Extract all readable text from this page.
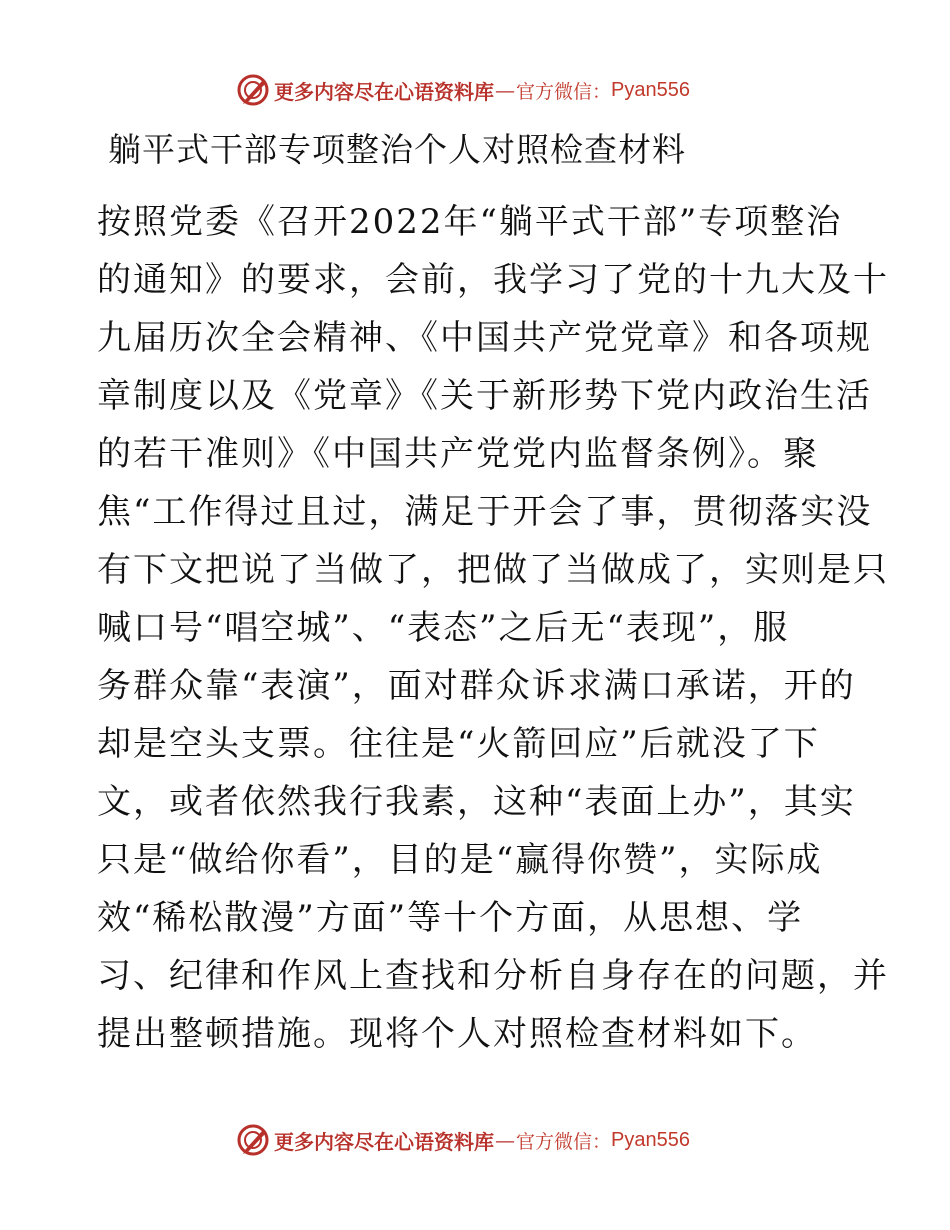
更多内容尽在心语资料库 — 官方微信： Pyan556
躺平式干部专项整治个人对照检查材料
按照党委《召开2022年“躺平式干部”专项整治
的通知》的要求，会前，我学习了党的十九大及十
九届历次全会精神、《中国共产党党章》和各项规
章制度以及《党章》《关于新形势下党内政治生活
的若干准则》《中国共产党党内监督条例》。聚
焦“工作得过且过，满足于开会了事，贯彻落实没
有下文把说了当做了，把做了当做成了，实则是只
喊口号“唱空城”、“表态”之后无“表现”，服
务群众靠“表演”，面对群众诉求满口承诺，开的
却是空头支票。往往是“火箭回应”后就没了下
文，或者依然我行我素，这种“表面上办”，其实
只是“做给你看”，目的是“赢得你赞”，实际成
效“稀松散漫”方面”等十个方面，从思想、学
习、纪律和作风上查找和分析自身存在的问题，并
提出整顿措施。现将个人对照检查材料如下。
更多内容尽在心语资料库 — 官方微信： Pyan556
